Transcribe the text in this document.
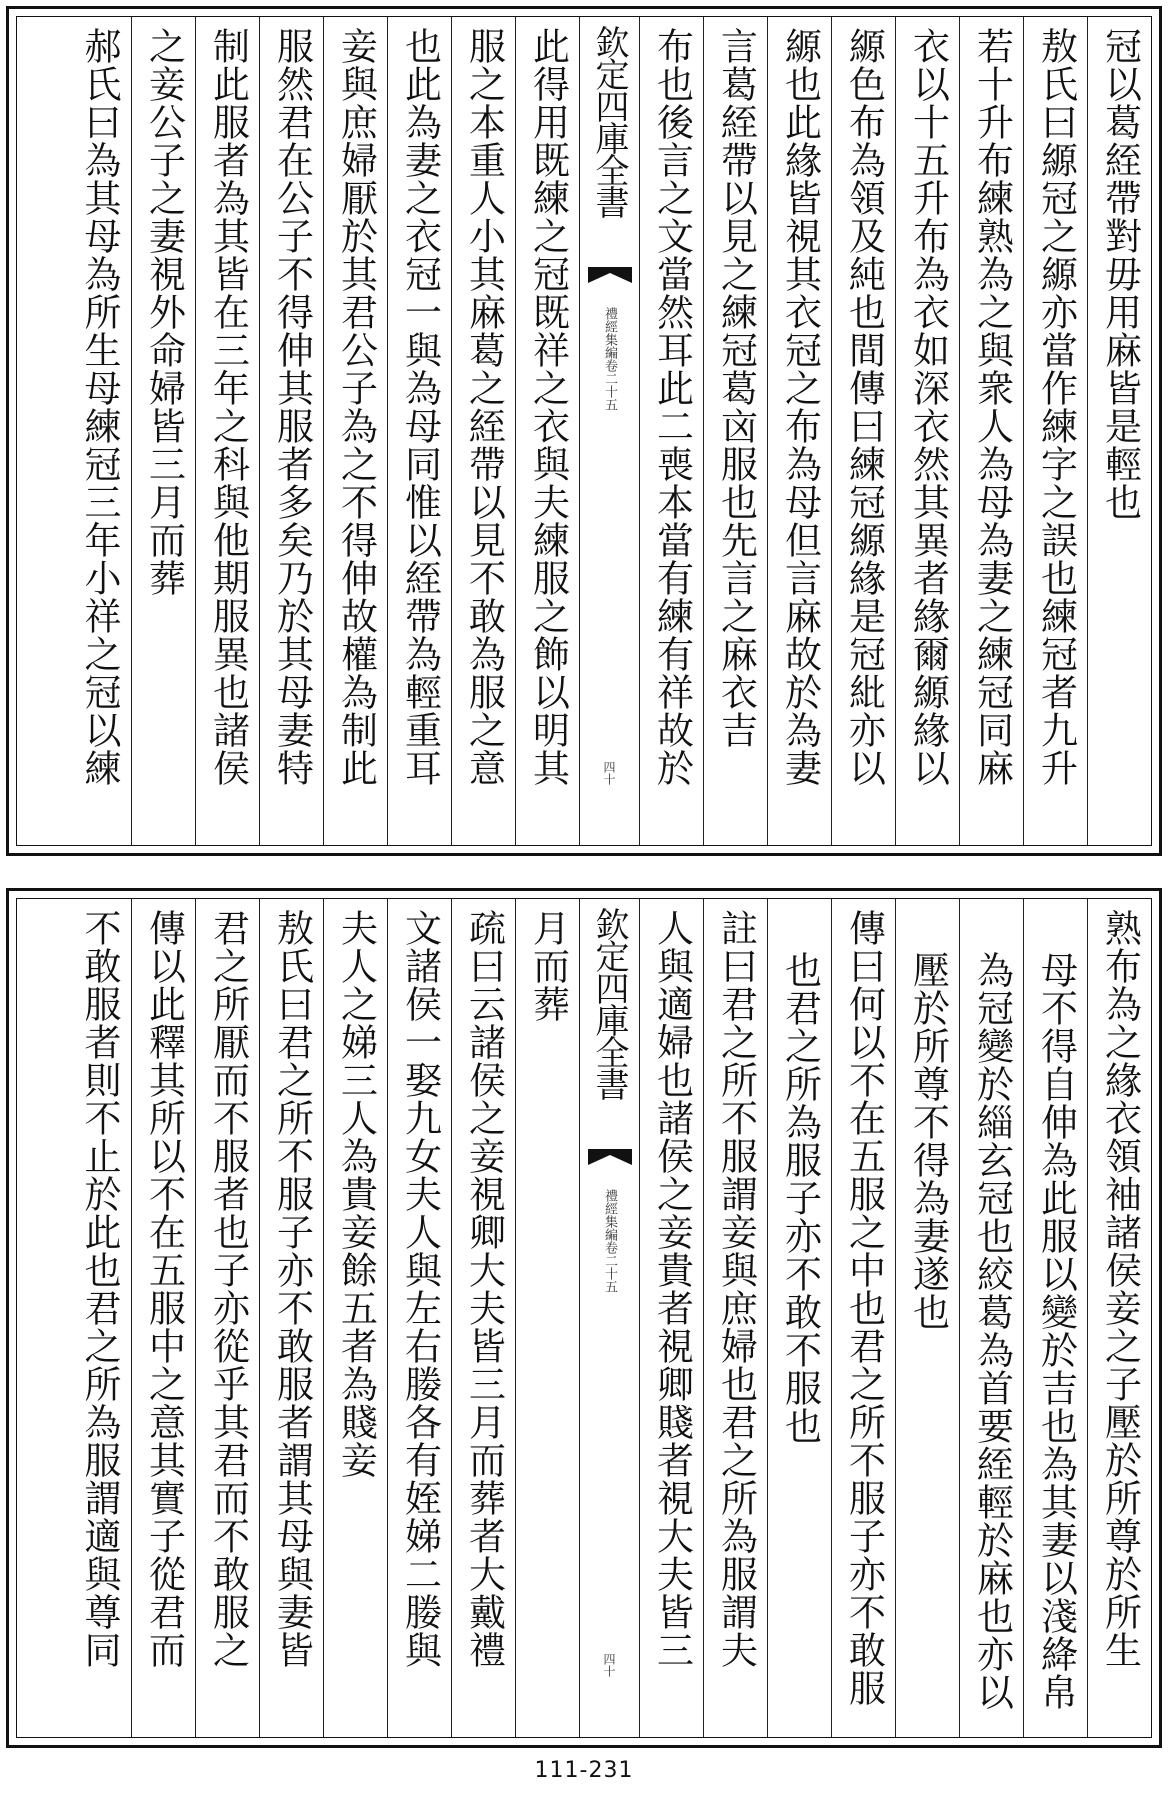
冠以葛絰帶對毋用麻皆是輕也
敖氏曰縓冠之縓亦當作練字之誤也練冠者九升
若十升布練熟為之與衆人為母為妻之練冠同麻
衣以十五升布為衣如深衣然其異者緣爾縓緣以
縓色布為領及純也間傳曰練冠縓緣是冠紕亦以
縓也此緣皆視其衣冠之布為母但言麻故於為妻
言葛絰帶以見之練冠葛㐫服也先言之麻衣吉
布也後言之文當然耳此二喪本當有練有祥故於
欽定四庫全書
禮經集編卷二十五
四十
此得用既練之冠既祥之衣與夫練服之飾以明其
服之本重人小其麻葛之絰帶以見不敢為服之意
也此為妻之衣冠一與為母同惟以絰帶為輕重耳
妾與庶婦厭於其君公子為之不得伸故權為制此
服然君在公子不得伸其服者多矣乃於其母妻特
制此服者為其皆在三年之科與他期服異也諸侯
之妾公子之妻視外命婦皆三月而葬
郝氏曰為其母為所生母練冠三年小祥之冠以練
熟布為之緣衣領袖諸侯妾之子壓於所尊於所生
母不得自伸為此服以變於吉也為其妻以淺絳帛
為冠變於緇玄冠也絞葛為首要絰輕於麻也亦以
壓於所尊不得為妻遂也
傳曰何以不在五服之中也君之所不服子亦不敢服
也君之所為服子亦不敢不服也
註曰君之所不服謂妾與庶婦也君之所為服謂夫
人與適婦也諸侯之妾貴者視卿賤者視大夫皆三
欽定四庫全書
禮經集編卷二十五
四十
月而葬
疏曰云諸侯之妾視卿大夫皆三月而葬者大戴禮
文諸侯一娶九女夫人與左右媵各有姪娣二媵與
夫人之娣三人為貴妾餘五者為賤妾
敖氏曰君之所不服子亦不敢服者謂其母與妻皆
君之所厭而不服者也子亦從乎其君而不敢服之
傳以此釋其所以不在五服中之意其實子從君而
不敢服者則不止於此也君之所為服謂適與尊同
111-231
